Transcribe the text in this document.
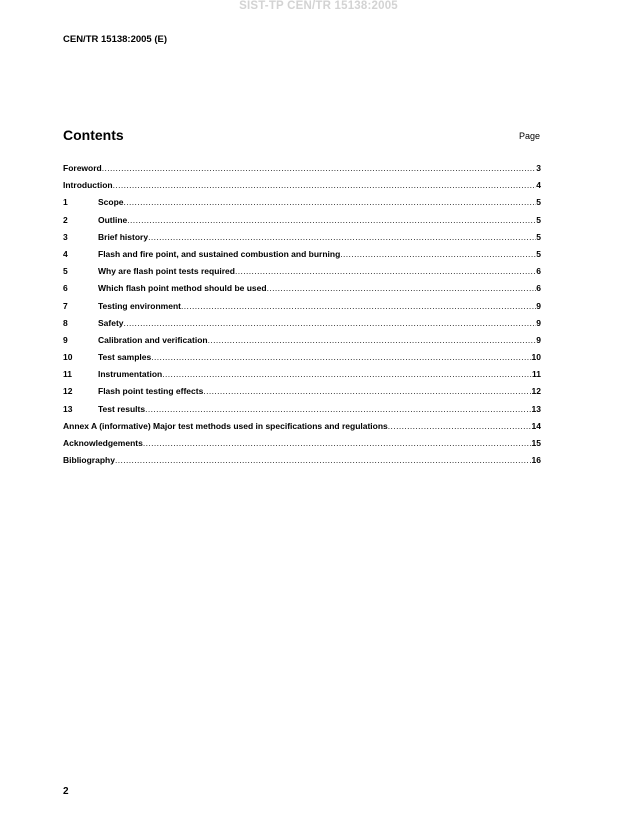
SIST-TP CEN/TR 15138:2005
CEN/TR 15138:2005 (E)
Contents	Page
Foreword .....	3
Introduction .....	4
1	Scope .....	5
2	Outline .....	5
3	Brief history .....	5
4	Flash and fire point, and sustained combustion and burning .....	5
5	Why are flash point tests required .....	6
6	Which flash point method should be used .....	6
7	Testing environment .....	9
8	Safety .....	9
9	Calibration and verification .....	9
10	Test samples .....	10
11	Instrumentation .....	11
12	Flash point testing effects .....	12
13	Test results .....	13
Annex A (informative) Major test methods used in specifications and regulations .....	14
Acknowledgements .....	15
Bibliography .....	16
2
